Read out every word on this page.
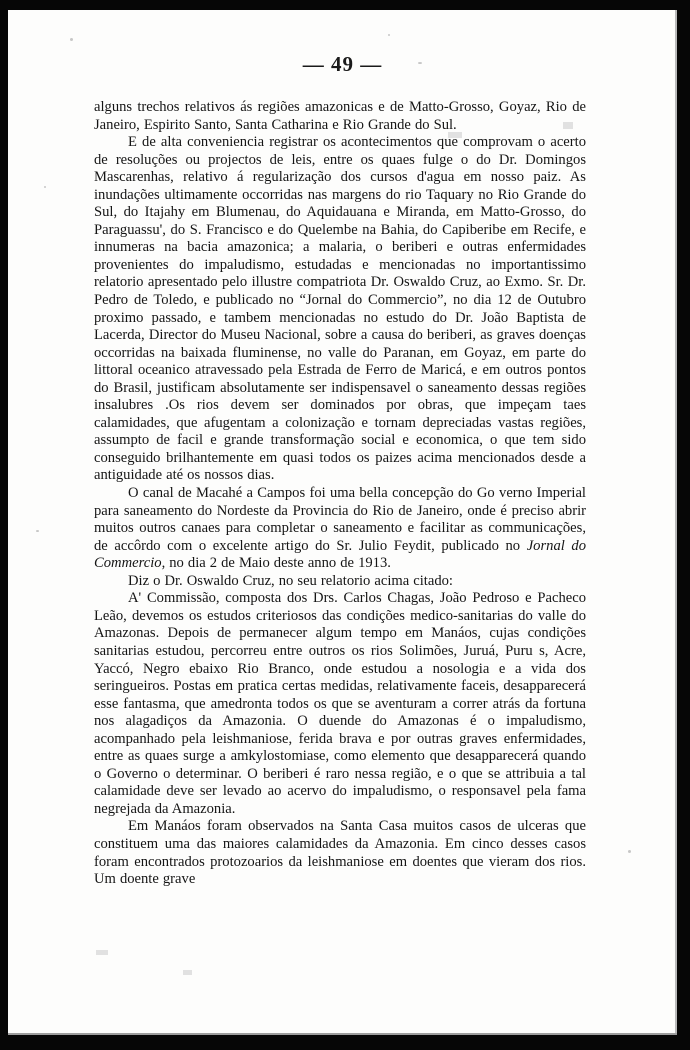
— 49 —

alguns trechos relativos ás regiões amazonicas e de Matto-Grosso, Goyaz, Rio de Janeiro, Espirito Santo, Santa Catharina e Rio Grande do Sul.

E de alta conveniencia registrar os acontecimentos que comprovam o acerto de resoluções ou projectos de leis, entre os quaes fulge o do Dr. Domingos Mascarenhas, relativo á regularização dos cursos d'agua em nosso paiz. As inundações ultimamente occorridas nas margens do rio Taquary no Rio Grande do Sul, do Itajahy em Blumenau, do Aquidauana e Miranda, em Matto-Grosso, do Paraguassu', do S. Francisco e do Quelembe na Bahia, do Capiberibe em Recife, e innumeras na bacia amazonica; a malaria, o beriberi e outras enfermidades provenientes do impaludismo, estudadas e mencionadas no importantissimo relatorio apresentado pelo illustre compatriota Dr. Oswaldo Cruz, ao Exmo. Sr. Dr. Pedro de Toledo, e publicado no “Jornal do Commercio”, no dia 12 de Outubro proximo passado, e tambem mencionadas no estudo do Dr. João Baptista de Lacerda, Director do Museu Nacional, sobre a causa do beriberi, as graves doenças occorridas na baixada fluminense, no valle do Paranan, em Goyaz, em parte do littoral oceanico atravessado pela Estrada de Ferro de Maricá, e em outros pontos do Brasil, justificam absolutamente ser indispensavel o saneamento dessas regiões insalubres .Os rios devem ser dominados por obras, que impeçam taes calamidades, que afugentam a colonização e tornam depreciadas vastas regiões, assumpto de facil e grande transformação social e economica, o que tem sido conseguido brilhantemente em quasi todos os paizes acima mencionados desde a antiguidade até os nossos dias.

O canal de Macahé a Campos foi uma bella concepção do Go verno Imperial para saneamento do Nordeste da Provincia do Rio de Janeiro, onde é preciso abrir muitos outros canaes para completar o saneamento e facilitar as communicações, de accôrdo com o excelente artigo do Sr. Julio Feydit, publicado no Jornal do Commercio, no dia 2 de Maio deste anno de 1913.

Diz o Dr. Oswaldo Cruz, no seu relatorio acima citado:

A' Commissão, composta dos Drs. Carlos Chagas, João Pedroso e Pacheco Leão, devemos os estudos criteriosos das condições medico-sanitarias do valle do Amazonas. Depois de permanecer algum tempo em Manáos, cujas condições sanitarias estudou, percorreu entre outros os rios Solimões, Juruá, Puru s, Acre, Yaccó, Negro ebaixo Rio Branco, onde estudou a nosologia e a vida dos seringueiros. Postas em pratica certas medidas, relativamente faceis, desapparecerá esse fantasma, que amedronta todos os que se aventuram a correr atrás da fortuna nos alagadiços da Amazonia. O duende do Amazonas é o impaludismo, acompanhado pela leishmaniose, ferida brava e por outras graves enfermidades, entre as quaes surge a amkylostomiase, como elemento que desapparecerá quando o Governo o determinar. O beriberi é raro nessa região, e o que se attribuia a tal calamidade deve ser levado ao acervo do impaludismo, o responsavel pela fama negrejada da Amazonia.

Em Manáos foram observados na Santa Casa muitos casos de ulceras que constituem uma das maiores calamidades da Amazonia. Em cinco desses casos foram encontrados protozoarios da leishmaniose em doentes que vieram dos rios. Um doente grave
